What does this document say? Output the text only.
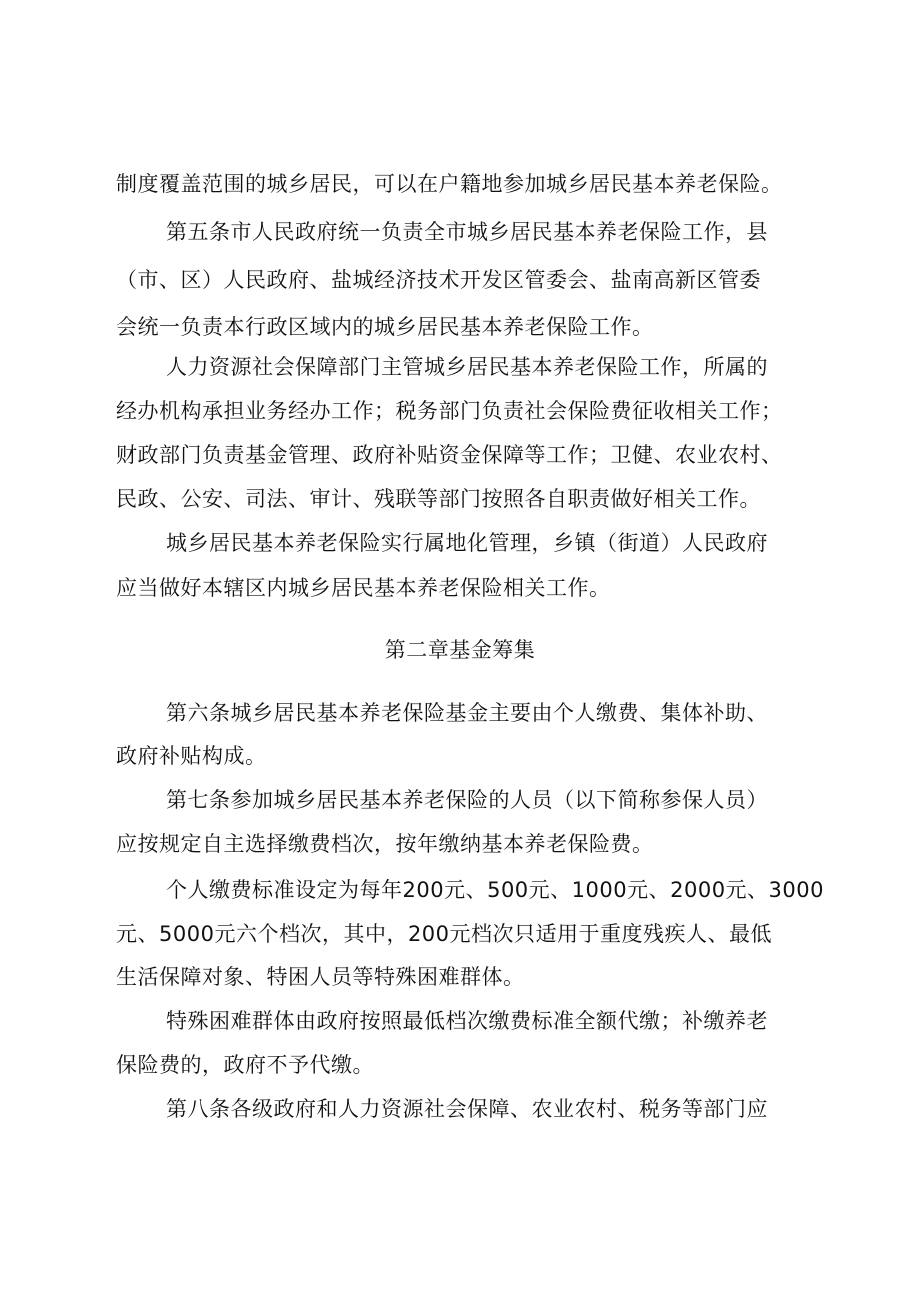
制度覆盖范围的城乡居民，可以在户籍地参加城乡居民基本养老保险。
第五条市人民政府统一负责全市城乡居民基本养老保险工作，县
（市、区）人民政府、盐城经济技术开发区管委会、盐南高新区管委
会统一负责本行政区域内的城乡居民基本养老保险工作。
人力资源社会保障部门主管城乡居民基本养老保险工作，所属的
经办机构承担业务经办工作；税务部门负责社会保险费征收相关工作；
财政部门负责基金管理、政府补贴资金保障等工作；卫健、农业农村、
民政、公安、司法、审计、残联等部门按照各自职责做好相关工作。
城乡居民基本养老保险实行属地化管理，乡镇（街道）人民政府
应当做好本辖区内城乡居民基本养老保险相关工作。
第二章基金筹集
第六条城乡居民基本养老保险基金主要由个人缴费、集体补助、
政府补贴构成。
第七条参加城乡居民基本养老保险的人员（以下简称参保人员）
应按规定自主选择缴费档次，按年缴纳基本养老保险费。
个人缴费标准设定为每年200元、500元、1000元、2000元、3000
元、5000元六个档次，其中，200元档次只适用于重度残疾人、最低
生活保障对象、特困人员等特殊困难群体。
特殊困难群体由政府按照最低档次缴费标准全额代缴；补缴养老
保险费的，政府不予代缴。
第八条各级政府和人力资源社会保障、农业农村、税务等部门应
